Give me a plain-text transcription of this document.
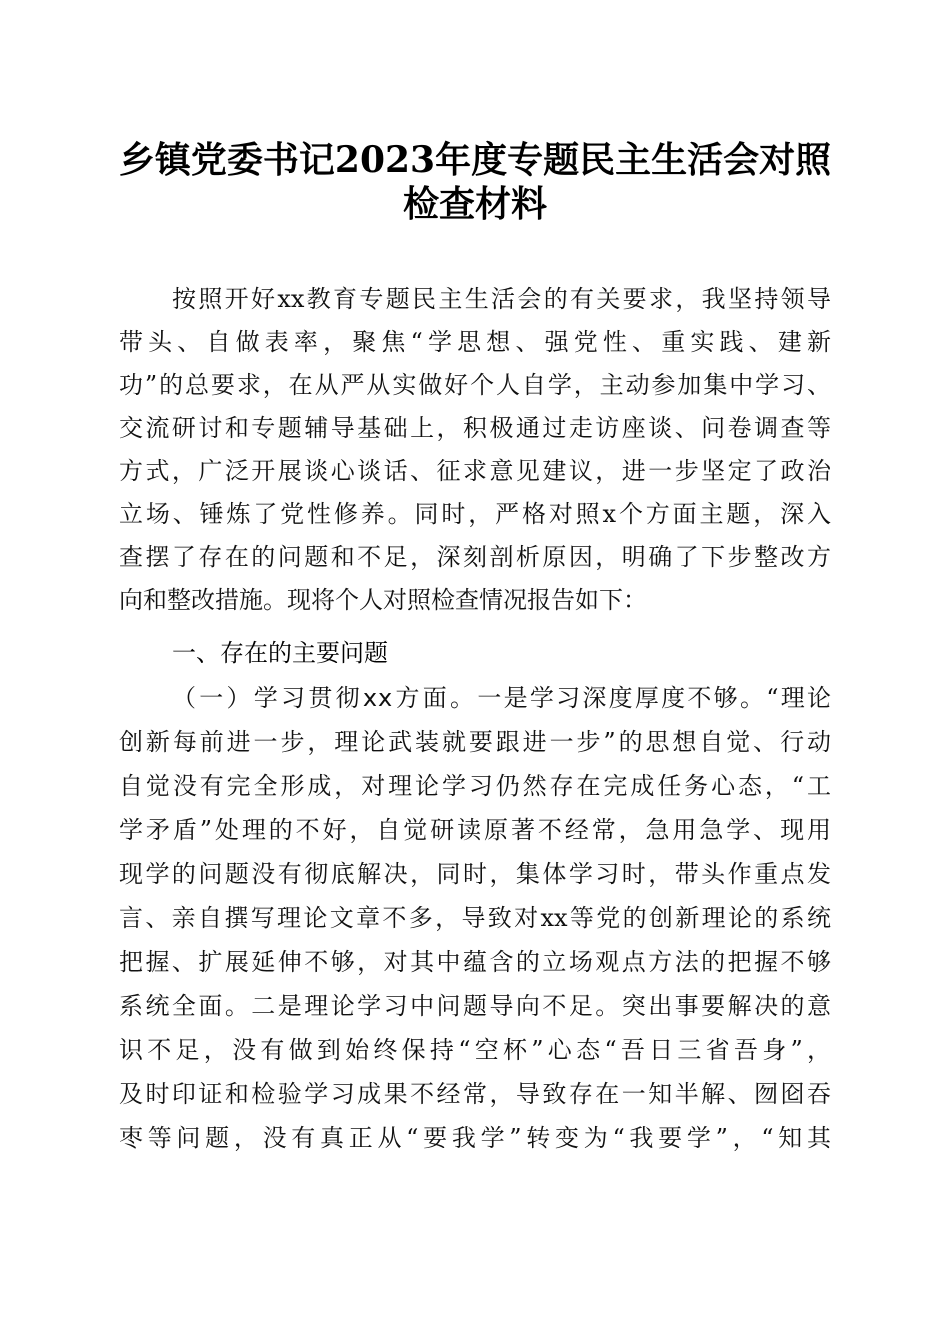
乡镇党委书记2023年度专题民主生活会对照
检查材料
按照开好xx教育专题民主生活会的有关要求，我坚持领导
带头、自做表率，聚焦“学思想、强党性、重实践、建新
功”的总要求，在从严从实做好个人自学，主动参加集中学习、
交流研讨和专题辅导基础上，积极通过走访座谈、问卷调查等
方式，广泛开展谈心谈话、征求意见建议，进一步坚定了政治
立场、锤炼了党性修养。同时，严格对照x个方面主题，深入
查摆了存在的问题和不足，深刻剖析原因，明确了下步整改方
向和整改措施。现将个人对照检查情况报告如下：
一、存在的主要问题
（一）学习贯彻xx方面。一是学习深度厚度不够。“理论
创新每前进一步，理论武装就要跟进一步”的思想自觉、行动
自觉没有完全形成，对理论学习仍然存在完成任务心态，“工
学矛盾”处理的不好，自觉研读原著不经常，急用急学、现用
现学的问题没有彻底解决，同时，集体学习时，带头作重点发
言、亲自撰写理论文章不多，导致对xx等党的创新理论的系统
把握、扩展延伸不够，对其中蕴含的立场观点方法的把握不够
系统全面。二是理论学习中问题导向不足。突出事要解决的意
识不足，没有做到始终保持“空杯”心态“吾日三省吾身”，
及时印证和检验学习成果不经常，导致存在一知半解、囫囵吞
枣等问题，没有真正从“要我学”转变为“我要学”，“知其
